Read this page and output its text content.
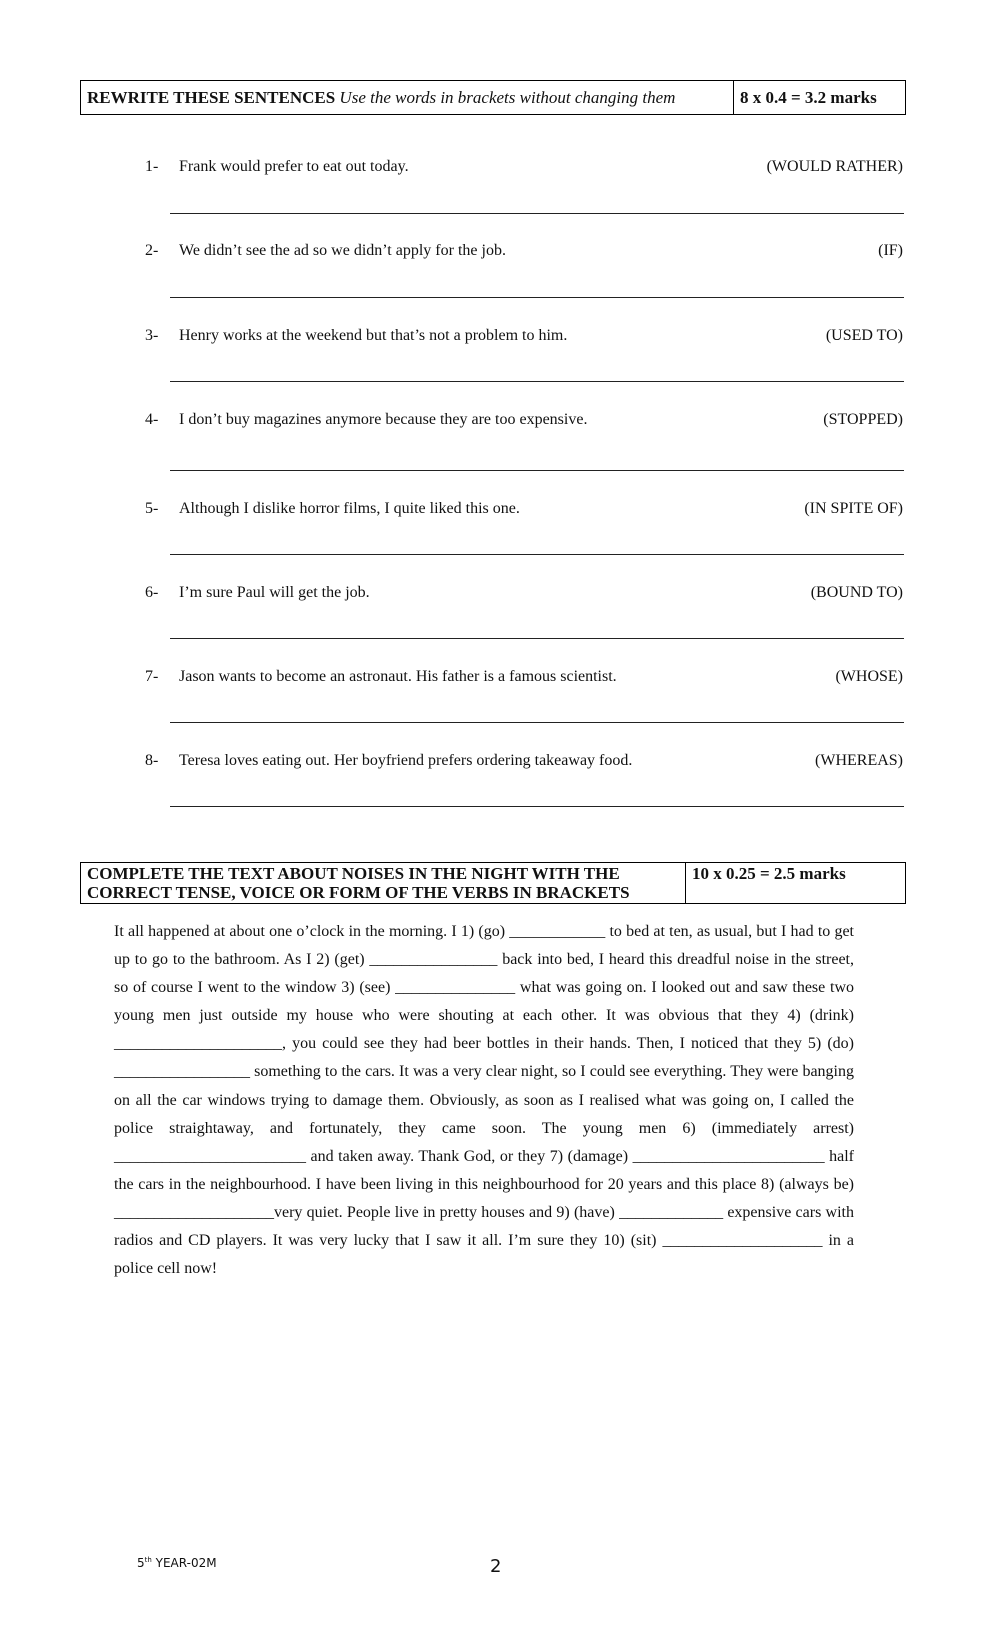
REWRITE THESE SENTENCES
Use the words in brackets without changing them	8 x 0.4 = 3.2 marks
1-	Frank would prefer to eat out today.	(WOULD RATHER)
2-	We didn’t see the ad so we didn’t apply for the job.	(IF)
3-	Henry works at the weekend but that’s not a problem to him.	(USED TO)
4-	I don’t buy magazines anymore because they are too expensive.	(STOPPED)
5-	Although I dislike horror films, I quite liked this one.	(IN SPITE OF)
6-	I’m sure Paul will get the job.	(BOUND TO)
7-	Jason wants to become an astronaut. His father is a famous scientist.	(WHOSE)
8-	Teresa loves eating out. Her boyfriend prefers ordering takeaway food.	(WHEREAS)
COMPLETE THE TEXT ABOUT NOISES IN THE NIGHT WITH THE
CORRECT TENSE, VOICE OR FORM OF THE VERBS IN BRACKETS
10 x 0.25 = 2.5 marks

It all happened at about one o’clock in the morning. I 1) (go) ____________ to bed at ten, as usual, but I had to get up to go to the bathroom. As I 2) (get) ________________ back into bed, I heard this dreadful noise in the street, so of course I went to the window 3) (see) _______________ what was going on. I looked out and saw these two young men just outside my house who were shouting at each other. It was obvious that they 4) (drink) _____________________, you could see they had beer bottles in their hands. Then, I noticed that they 5) (do) _________________ something to the cars. It was a very clear night, so I could see everything. They were banging on all the car windows trying to damage them. Obviously, as soon as I realised what was going on, I called the police straightaway, and fortunately, they came soon. The young men 6) (immediately arrest) ________________________ and taken away. Thank God, or they 7) (damage) ________________________ half the cars in the neighbourhood. I have been living in this neighbourhood for 20 years and this place 8) (always be) ____________________very quiet. People live in pretty houses and 9) (have) _____________ expensive cars with radios and CD players. It was very lucky that I saw it all. I’m sure they 10) (sit) ____________________ in a police cell now!

5th YEAR-02M	2
